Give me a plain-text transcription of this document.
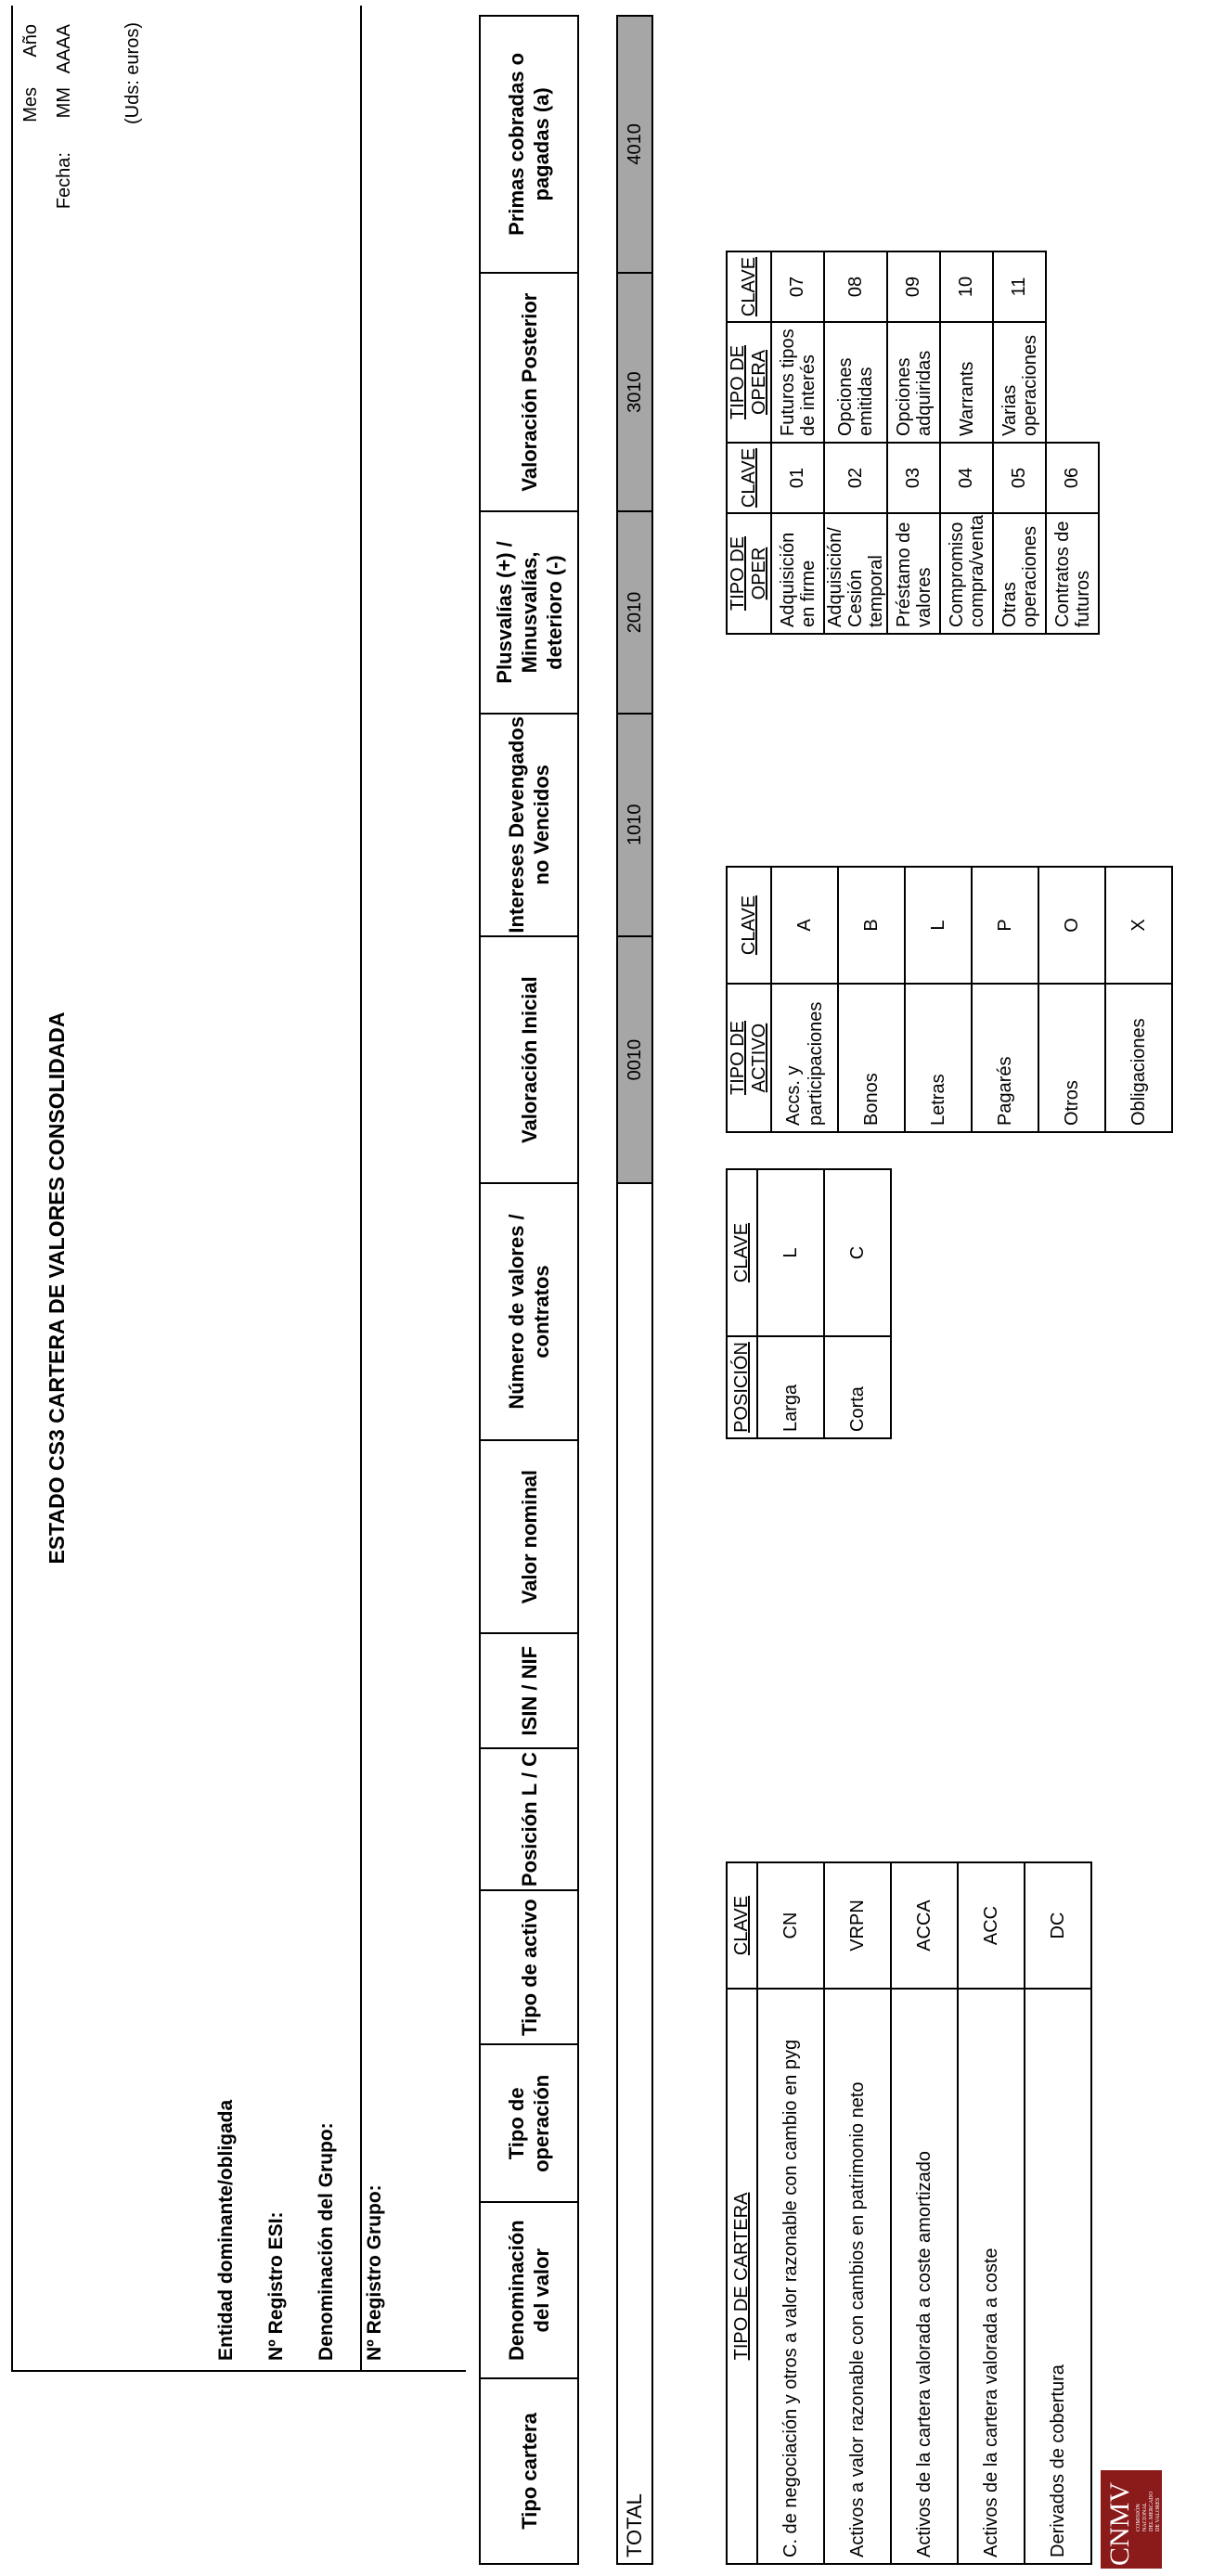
CNMV COMISIÓN NACIONAL DEL MERCADO DE VALORES
ESTADO CS3 CARTERA DE VALORES CONSOLIDADA
Mes
Año
Fecha:
MM
AAAA	(Uds: euros)
Entidad dominante/obligada Nº Registro ESI: Denominación del Grupo: Nº Registro Grupo:
Tipo cartera	Denominación del valor	Tipo de operación	Tipo de activo	Posición L / C	ISIN / NIF	Valor nominal	Número de valores / contratos	Valoración Inicial	Intereses Devengados no Vencidos	Plusvalías (+) / Minusvalías, deterioro (-)	Valoración Posterior	Primas cobradas o pagadas (a)

TOTAL								0010	1010	2010	3010	4010
TIPO DE CARTERA	CLAVE
C. de negociación y otros a valor razonable con cambio en pyg	CN
Activos a valor razonable con cambios en patrimonio neto	VRPN
Activos de la cartera valorada a coste amortizado	ACCA
Activos de la cartera valorada a coste	ACC
Derivados de cobertura	DC
POSICIÓN	CLAVE
Larga	L
Corta	C
TIPO DE ACTIVO	CLAVE
Accs. y participaciones	A
Bonos	B
Letras	L
Pagarés	P
Otros	O
Obligaciones	X
TIPO DE OPER	CLAVE	TIPO DE OPERA	CLAVE
Adquisición en firme	01	Futuros tipos de interés	07
Adquisición/ Cesión temporal	02	Opciones emitidas	08
Préstamo de valores	03	Opciones adquiridas	09
Compromiso compra/venta	04	Warrants	10
Otras operaciones	05	Varias operaciones	11
Contratos de futuros	06		
